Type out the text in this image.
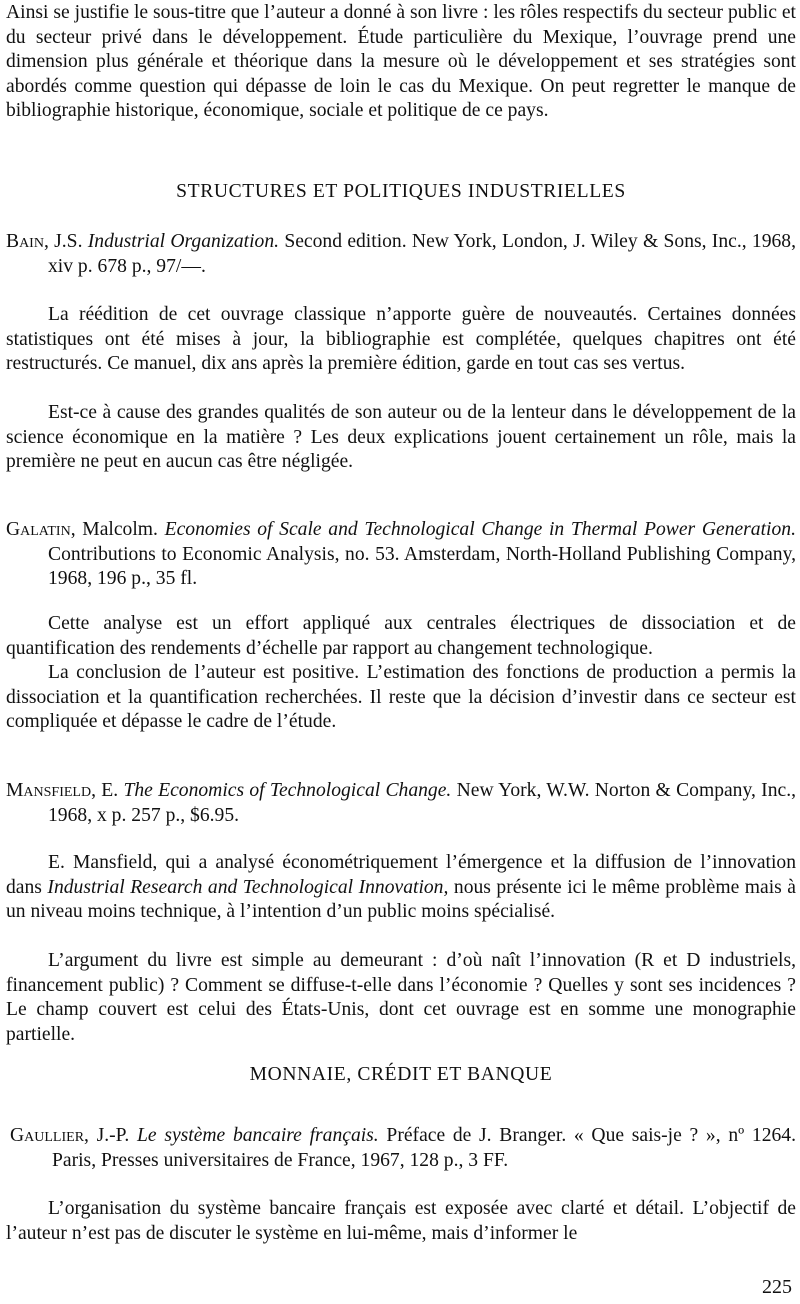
Ainsi se justifie le sous-titre que l’auteur a donné à son livre : les rôles respectifs du secteur public et du secteur privé dans le développement. Étude particulière du Mexique, l’ouvrage prend une dimension plus générale et théorique dans la mesure où le développement et ses stratégies sont abordés comme question qui dépasse de loin le cas du Mexique. On peut regretter le manque de bibliographie historique, économique, sociale et politique de ce pays.

STRUCTURES ET POLITIQUES INDUSTRIELLES
Bain, J.S. Industrial Organization. Second edition. New York, London, J. Wiley & Sons, Inc., 1968, xiv p. 678 p., 97/—.

La réédition de cet ouvrage classique n’apporte guère de nouveautés. Certaines données statistiques ont été mises à jour, la bibliographie est complétée, quelques chapitres ont été restructurés. Ce manuel, dix ans après la première édition, garde en tout cas ses vertus.

Est-ce à cause des grandes qualités de son auteur ou de la lenteur dans le développement de la science économique en la matière ? Les deux explications jouent certainement un rôle, mais la première ne peut en aucun cas être négligée.

Galatin, Malcolm. Economies of Scale and Technological Change in Thermal Power Generation. Contributions to Economic Analysis, no. 53. Amsterdam, North-Holland Publishing Company, 1968, 196 p., 35 fl.

Cette analyse est un effort appliqué aux centrales électriques de dissociation et de quantification des rendements d’échelle par rapport au changement technologique.

La conclusion de l’auteur est positive. L’estimation des fonctions de production a permis la dissociation et la quantification recherchées. Il reste que la décision d’investir dans ce secteur est compliquée et dépasse le cadre de l’étude.

Mansfield, E. The Economics of Technological Change. New York, W.W. Norton & Company, Inc., 1968, x p. 257 p., $6.95.

E. Mansfield, qui a analysé économétriquement l’émergence et la diffusion de l’innovation dans Industrial Research and Technological Innovation, nous présente ici le même problème mais à un niveau moins technique, à l’intention d’un public moins spécialisé.

L’argument du livre est simple au demeurant : d’où naît l’innovation (R et D industriels, financement public) ? Comment se diffuse-t-elle dans l’économie ? Quelles y sont ses incidences ? Le champ couvert est celui des États-Unis, dont cet ouvrage est en somme une monographie partielle.

MONNAIE, CRÉDIT ET BANQUE
Gaullier, J.-P. Le système bancaire français. Préface de J. Branger. « Que sais-je ? », nº 1264. Paris, Presses universitaires de France, 1967, 128 p., 3 FF.

L’organisation du système bancaire français est exposée avec clarté et détail. L’objectif de l’auteur n’est pas de discuter le système en lui-même, mais d’informer le

225
